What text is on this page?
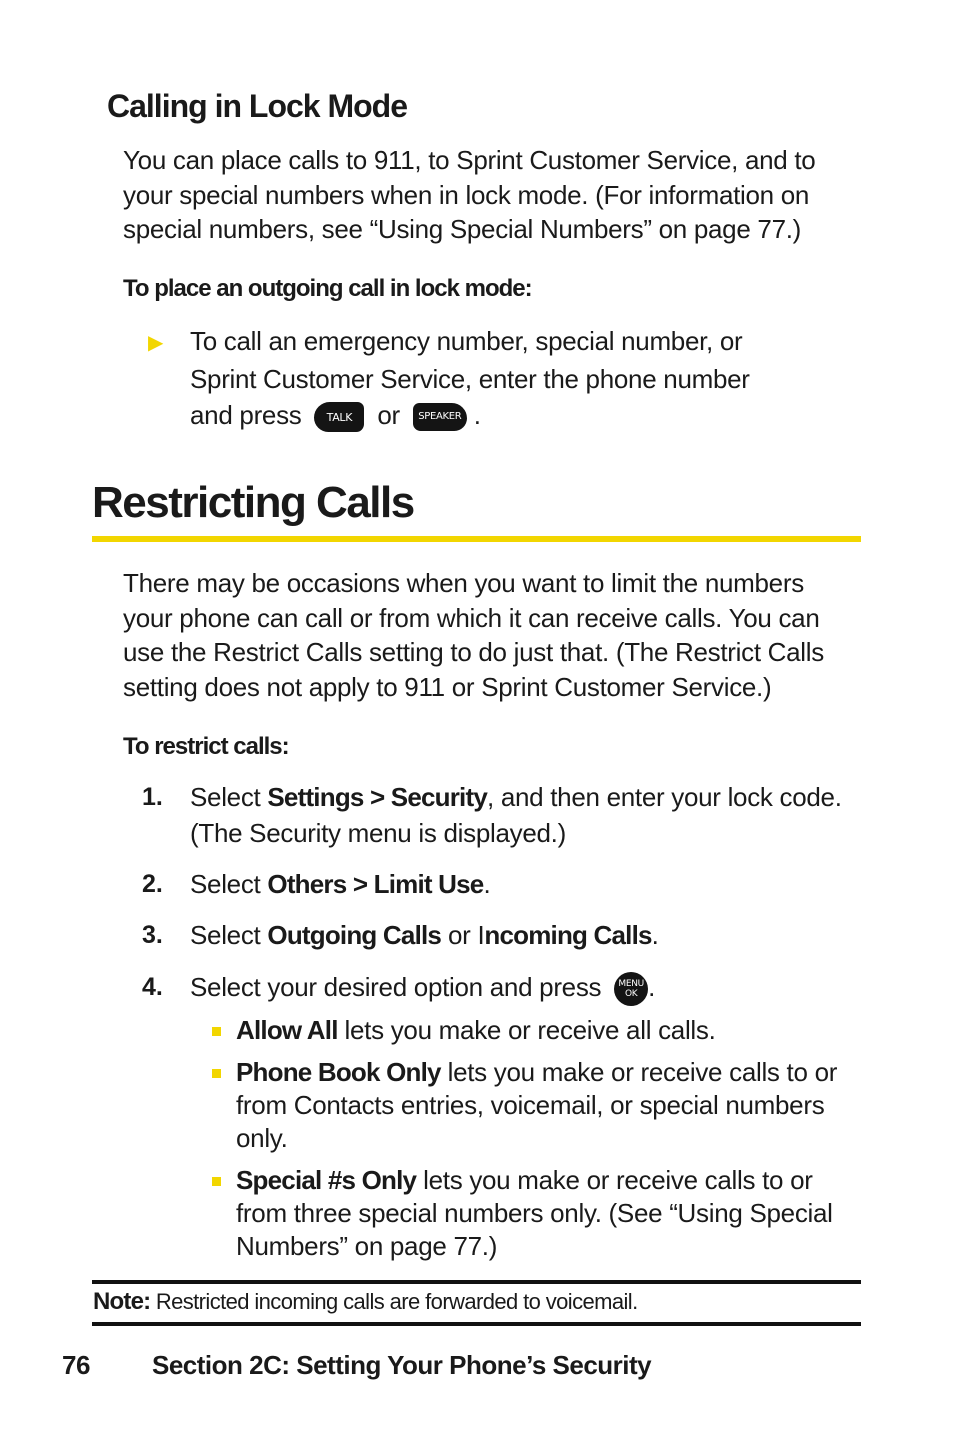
Calling in Lock Mode
You can place calls to 911, to Sprint Customer Service, and to
your special numbers when in lock mode. (For information on
special numbers, see “Using Special Numbers” on page 77.)
To place an outgoing call in lock mode:
▶ To call an emergency number, special number, or
Sprint Customer Service, enter the phone number
and press TALK or SPEAKER .
Restricting Calls
There may be occasions when you want to limit the numbers
your phone can call or from which it can receive calls. You can
use the Restrict Calls setting to do just that. (The Restrict Calls
setting does not apply to 911 or Sprint Customer Service.)
To restrict calls:
1. Select Settings > Security, and then enter your lock code.
(The Security menu is displayed.)
2. Select Others > Limit Use.
3. Select Outgoing Calls or Incoming Calls.
4. Select your desired option and press MENU
OK .
Allow All lets you make or receive all calls.
Phone Book Only lets you make or receive calls to or
from Contacts entries, voicemail, or special numbers
only.
Special #s Only lets you make or receive calls to or
from three special numbers only. (See “Using Special
Numbers” on page 77.)
Note: Restricted incoming calls are forwarded to voicemail.
76 Section 2C: Setting Your Phone’s Security
